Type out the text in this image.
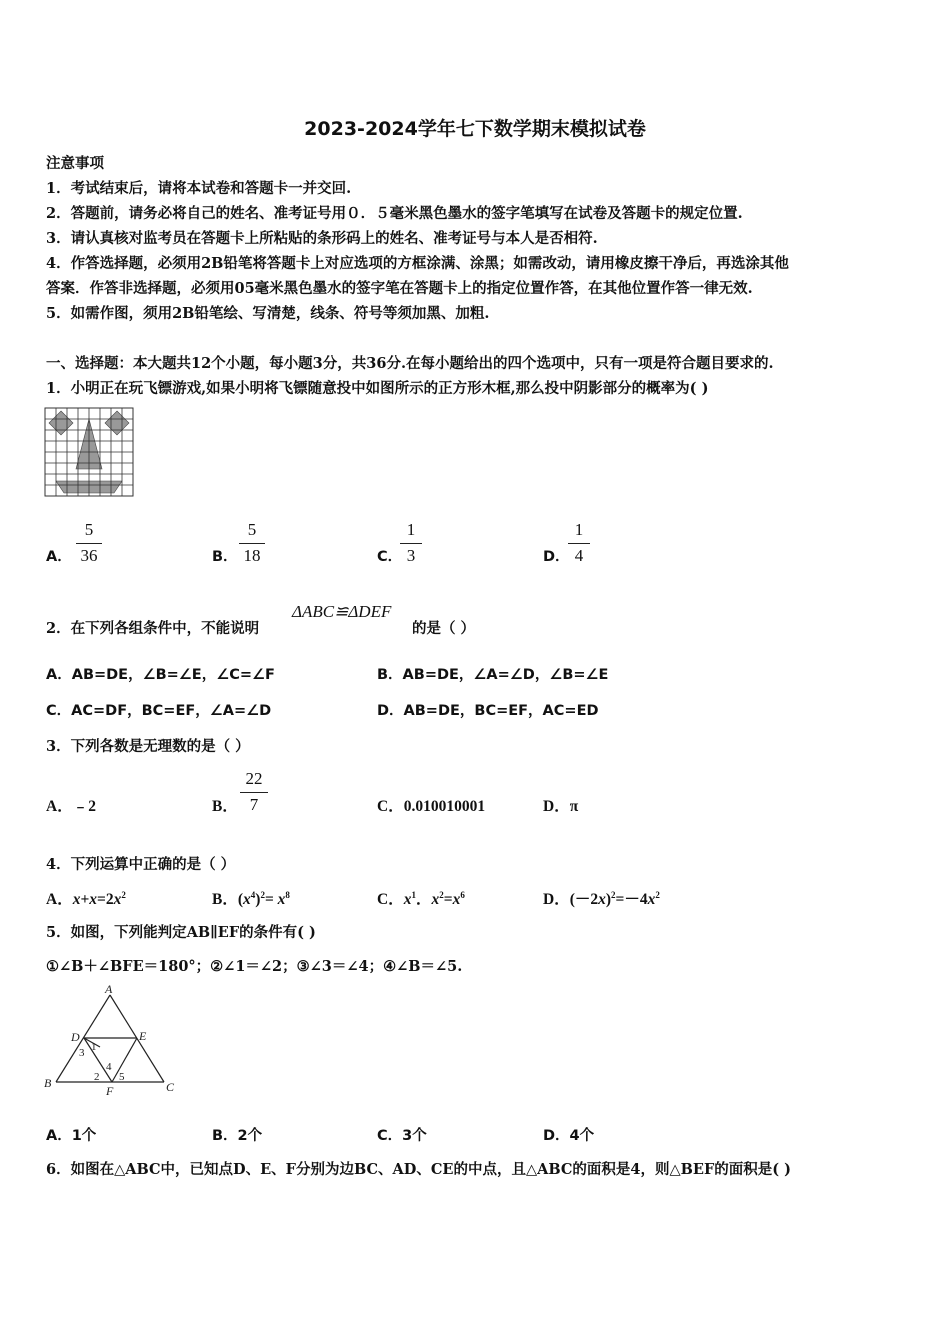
2023-2024学年七下数学期末模拟试卷
注意事项
1．考试结束后，请将本试卷和答题卡一并交回.
2．答题前，请务必将自己的姓名、准考证号用０．５毫米黑色墨水的签字笔填写在试卷及答题卡的规定位置.
3．请认真核对监考员在答题卡上所粘贴的条形码上的姓名、准考证号与本人是否相符.
4．作答选择题，必须用2B铅笔将答题卡上对应选项的方框涂满、涂黑；如需改动，请用橡皮擦干净后，再选涂其他
答案．作答非选择题，必须用05毫米黑色墨水的签字笔在答题卡上的指定位置作答，在其他位置作答一律无效.
5．如需作图，须用2B铅笔绘、写清楚，线条、符号等须加黑、加粗.
一、选择题：本大题共12个小题，每小题3分，共36分.在每小题给出的四个选项中，只有一项是符合题目要求的.
1．小明正在玩飞镖游戏,如果小明将飞镖随意投中如图所示的正方形木框,那么投中阴影部分的概率为( )
A．
5
36	B．
5
18	C．
1
3	D．
1
4
2．在下列各组条件中，不能说明
ΔABC≌ΔDEF
的是（ ）
A．AB=DE，∠B=∠E，∠C=∠F	B．AB=DE，∠A=∠D，∠B=∠E
C．AC=DF，BC=EF，∠A=∠D	D．AB=DE，BC=EF，AC=ED
3．下列各数是无理数的是（ ）
A．﹣2	B．
22
7	C．0.010010001	D．π
4．下列运算中正确的是（ ）
A．$x+x=2x^2$	B．$(x^4)^2= x^8$	C．$x^1$．$x^2=x^6$	D．$(-2x)^2=-4x^2$
5．如图，下列能判定AB∥EF的条件有( )
①∠B＋∠BFE＝180°；②∠1＝∠2；③∠3＝∠4；④∠B＝∠5.
A
B	C
D	E
F
1
2
3
4
5
A．1个	B．2个	C．3个	D．4个
6．如图在△ABC中，已知点D、E、F分别为边BC、AD、CE的中点，且△ABC的面积是4，则△BEF的面积是( )
